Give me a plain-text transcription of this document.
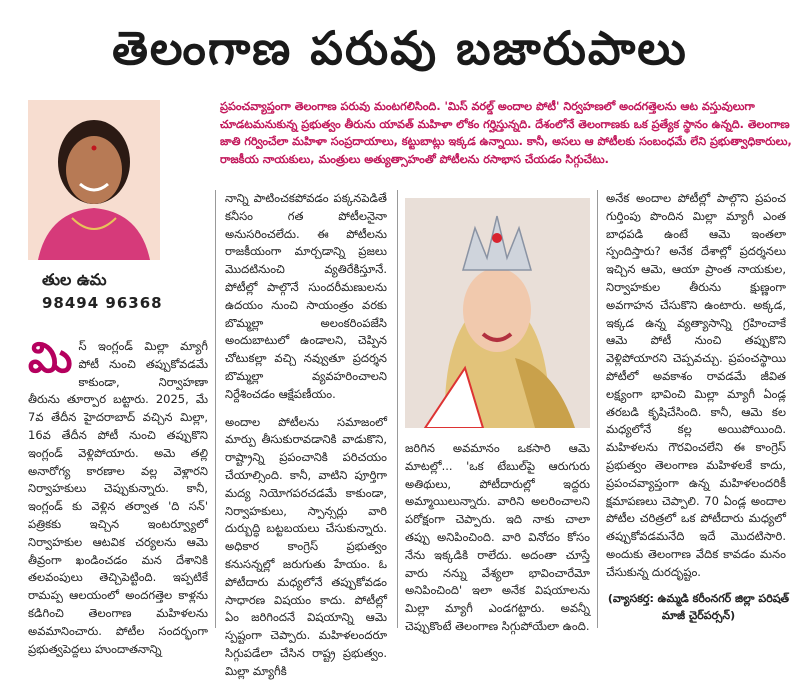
తెలంగాణ పరువు బజారుపాలు
తుల ఉమ
98494 96368
ప్రపంచవ్యాప్తంగా తెలంగాణ పరువు మంటగలిసింది. 'మిస్ వరల్డ్ అందాల పోటీ' నిర్వహణలో అందగత్తెలను ఆట వస్తువులుగా చూడటమనుకున్న ప్రభుత్వం తీరును యావత్ మహిళా లోకం గర్హిస్తున్నది. దేశంలోనే తెలంగాణకు ఒక ప్రత్యేక స్థానం ఉన్నది. తెలంగాణ జాతి గర్వించేలా మహిళా సంప్రదాయాలు, కట్టుబాట్లు ఇక్కడ ఉన్నాయి. కానీ, అసలు ఆ పోటీలకు సంబంధమే లేని ప్రభుత్వాధికారులు, రాజకీయ నాయకులు, మంత్రులు అత్యుత్సాహంతో పోటీలను రసాభాస చేయడం సిగ్గుచేటు.

మిస్ ఇంగ్లండ్ మిల్లా మ్యాగీ పోటీ నుంచి తప్పుకోవడమే కాకుండా, నిర్వాహణా తీరును తూర్పార బట్టారు. 2025, మే 7వ తేదీన హైదరాబాద్ వచ్చిన మిల్లా, 16వ తేదీన పోటీ నుంచి తప్పుకొని ఇంగ్లండ్ వెళ్లిపోయారు. అమె తల్లి అనారోగ్య కారణాల వల్ల వెళ్లారని నిర్వాహకులు చెప్పుకున్నారు. కానీ, ఇంగ్లండ్ కు వెళ్లిన తర్వాత 'ది సన్' పత్రికకు ఇచ్చిన ఇంటర్వ్యూలో నిర్వాహకుల ఆటవిక చర్యలను ఆమె తీవ్రంగా ఖండించడం మన దేశానికి తలవంపులు తెచ్చిపెట్టింది. ఇప్పటికే రామప్ప ఆలయంలో అందగత్తెల కాళ్లను కడిగించి తెలంగాణ మహిళలను అవమానించారు. పోటీల సందర్భంగా ప్రభుత్వపెద్దలు హుందాతనాన్ని

నాన్ని పాటించకపోవడం పక్కనపెడితే కనీసం గత పోటీలనైనా అనుసరించలేదు. ఈ పోటీలను రాజకీయంగా మార్చడాన్ని ప్రజలు మొదటినుంచి వ్యతిరేకిస్తూనే. పోటీల్లో పాల్గొనే సుందరీమణులను ఉదయం నుంచి సాయంత్రం వరకు బొమ్మల్లా అలంకరింపజేసి అందుబాటులో ఉండాలని, చెప్పిన చోటుకల్లా వచ్చి నవ్వుతూ ప్రదర్శన బొమ్మల్లా వ్యవహరించాలని నిర్దేశించడం ఆక్షేపణీయం.

అందాల పోటీలను సమాజంలో మార్పు తీసుకురావడానికి వాడుకొని, రాష్ట్రాన్ని ప్రపంచానికి పరిచయం చేయాల్సింది. కానీ, వాటిని పూర్తిగా మద్య నియోగపరచడమే కాకుండా, నిర్వాహకులు, స్పాన్సర్లు వారి దుర్బుద్ధి బట్టబయలు చేసుకున్నారు. అధికార కాంగ్రెస్ ప్రభుత్వం కనుసన్నల్లో జరుగుతు హేయం. ఓ పోటీదారు మధ్యలోనే తప్పుకోవడం సాధారణ విషయం కాదు. పోటీల్లో ఏం జరిగిందనే విషయాన్ని ఆమె స్పష్టంగా చెప్పారు. మహిళలందరూ సిగ్గుపడేలా చేసిన రాష్ట్ర ప్రభుత్వం. మిల్లా మ్యాగీకి

జరిగిన అవమానం ఒకసారి ఆమె మాటల్లో... 'ఒక టేబుల్‌పై ఆరుగురు అతిథులు, పోటీదారుల్లో ఇద్దరు అమ్మాయిలున్నారు. వారిని అలరించాలని పరోక్షంగా చెప్పారు. ఇది నాకు చాలా తప్పు అనిపించింది. వారి వినోదం కోసం నేను ఇక్కడికి రాలేదు. అదంతా చూస్తే వారు నన్ను వేశ్యలా భావించారేమో అనిపించింది' ఇలా అనేక విషయాలను మిల్లా మ్యాగీ ఎండగట్టారు. అవన్నీ చెప్పుకొంటే తెలంగాణ సిగ్గుపోయేలా ఉంది.

అనేక అందాల పోటీల్లో పాల్గొని ప్రపంచ గుర్తింపు పొందిన మిల్లా మ్యాగీ ఎంత బాధపడి ఉంటే ఆమె ఇంతలా స్పందిస్తారు? అనేక దేశాల్లో ప్రదర్శనలు ఇచ్చిన ఆమె, ఆయా ప్రాంత నాయకుల, నిర్వాహకుల తీరును క్షుణ్ణంగా అవగాహన చేసుకొని ఉంటారు. అక్కడ, ఇక్కడ ఉన్న వ్యత్యాసాన్ని గ్రహించాకే ఆమె పోటీ నుంచి తప్పుకొని వెళ్లిపోయారని చెప్పవచ్చు. ప్రపంచస్థాయి పోటీలో అవకాశం రావడమే జీవిత లక్ష్యంగా భావించి మిల్లా మ్యాగీ ఏండ్ల తరబడి కృషిచేసింది. కానీ, ఆమె కల మధ్యలోనే కల్ల అయిపోయింది. మహిళలను గౌరవించలేని ఈ కాంగ్రెస్ ప్రభుత్వం తెలంగాణ మహిళలకే కాదు, ప్రపంచవ్యాప్తంగా ఉన్న మహిళలందరికీ క్షమాపణలు చెప్పాలి. 70 ఏండ్ల అందాల పోటీల చరిత్రలో ఒక పోటీదారు మధ్యలో తప్పుకోవడమనేది ఇదే మొదటిసారి. అందుకు తెలంగాణ వేదిక కావడం మనం చేసుకున్న దురదృష్టం.

(వ్యాసకర్త: ఉమ్మడి కరీంనగర్ జిల్లా పరిషత్ మాజీ చైర్‌పర్సన్)
